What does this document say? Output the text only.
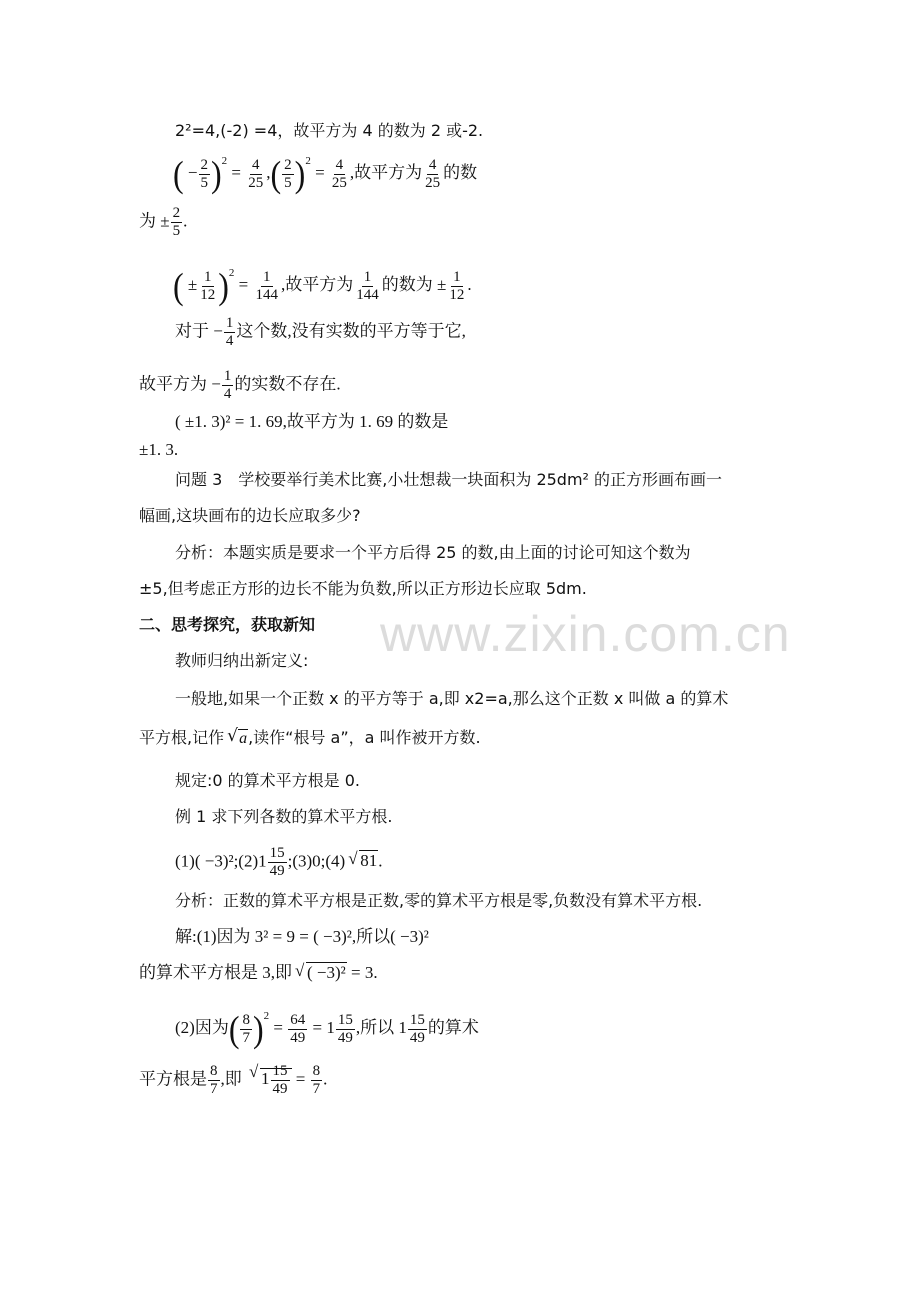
www.zixin.com.cn
2²=4,(-2) =4，故平方为 4 的数为 2 或-2.
( − $\frac{2}{5} )^2 = \frac{4}{25}$ ,( $\frac{2}{5} )^2 = \frac{4}{25}$ ,故平方为 $\frac{4}{25}$ 的数
为 ± $\frac{2}{5}$ .
( ± $\frac{1}{12} )^2 = \frac{1}{144}$ ,故平方为 $\frac{1}{144}$ 的数为 ± $\frac{1}{12}$ .
对于 − $\frac{1}{4}$ 这个数,没有实数的平方等于它,
故平方为 − $\frac{1}{4}$ 的实数不存在.
( ±1. 3)² = 1. 69,故平方为 1. 69 的数是
±1. 3.
问题 3　学校要举行美术比赛,小壮想裁一块面积为 25dm² 的正方形画布画一
幅画,这块画布的边长应取多少?
分析：本题实质是要求一个平方后得 25 的数,由上面的讨论可知这个数为
±5,但考虑正方形的边长不能为负数,所以正方形边长应取 5dm.
二、思考探究，获取新知
教师归纳出新定义:
一般地,如果一个正数 x 的平方等于 a,即 x2=a,那么这个正数 x 叫做 a 的算术
平方根,记作 √ a,读作“根号 a”，a 叫作被开方数.
规定:0 的算术平方根是 0.
例 1 求下列各数的算术平方根.
(1)( −3)²;(2)1 $\frac{15}{49}$ ;(3)0;(4) √ 81.
分析：正数的算术平方根是正数,零的算术平方根是零,负数没有算术平方根.
解:(1)因为 3² = 9 = ( −3)²,所以( −3)²
的算术平方根是 3,即 √ ( −3)² = 3.
(2)因为( $\frac{8}{7} )^2 = \frac{64}{49} = 1 \frac{15}{49}$ ,所以 $1 \frac{15}{49}$ 的算术
平方根是 $\frac{8}{7}$ ,即 √ $1 \frac{15}{49} = \frac{8}{7}$ .
